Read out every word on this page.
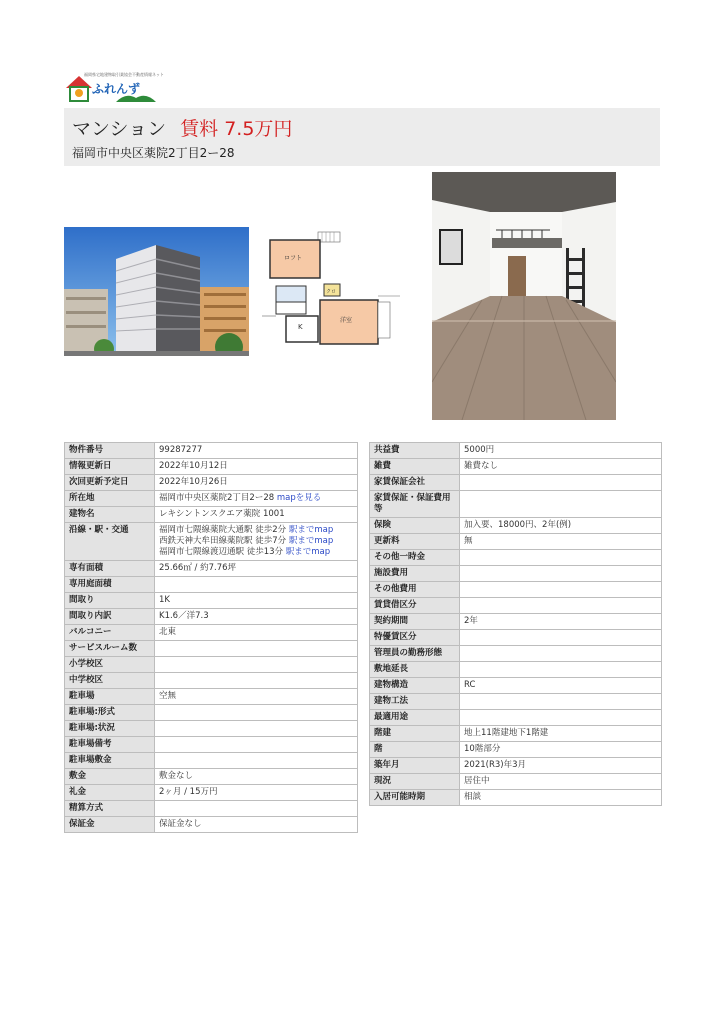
福岡県宅地建物取引業協会不動産情報ネット
ふれんず
マンション 賃料 7.5万円
福岡市中央区薬院2丁目2ー28
ロフト
K
クロ
洋室
物件番号	99287277
情報更新日	2022年10月12日
次回更新予定日	2022年10月26日
所在地	福岡市中央区薬院2丁目2ー28 mapを見る
建物名	レキシントンスクエア薬院 1001
沿線・駅・交通	福岡市七隈線薬院大通駅 徒歩2分 駅までmap
西鉄天神大牟田線薬院駅 徒歩7分 駅までmap
福岡市七隈線渡辺通駅 徒歩13分 駅までmap

専有面積	25.66㎡ / 約7.76坪
専用庭面積	
間取り	1K
間取り内訳	K1.6／洋7.3
バルコニー	北東
サービスルーム数	
小学校区	
中学校区	
駐車場	空無
駐車場:形式	
駐車場:状況	
駐車場備考	
駐車場敷金	
敷金	敷金なし
礼金	2ヶ月 / 15万円
精算方式	
保証金	保証金なし
共益費	5000円
雑費	雑費なし
家賃保証会社	
家賃保証・保証費用等	
保険	加入要、18000円、2年(例)
更新料	無
その他一時金	
施設費用	
その他費用	
賃貸借区分	
契約期間	2年
特優賃区分	
管理員の勤務形態	
敷地延長	
建物構造	RC
建物工法	
最適用途	
階建	地上11階建地下1階建
階	10階部分
築年月	2021(R3)年3月
現況	居住中
入居可能時期	相談
